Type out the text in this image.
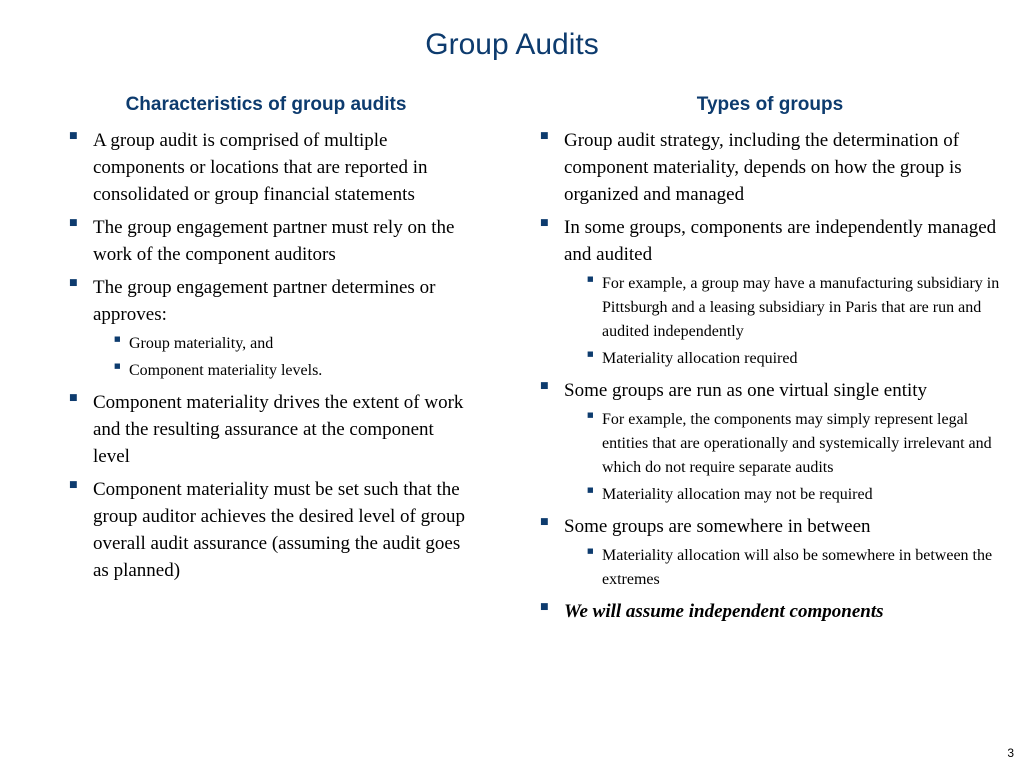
Group Audits
Characteristics of group audits
■ A group audit is comprised of multiple components or locations that are reported in consolidated or group financial statements
■ The group engagement partner must rely on the work of the component auditors
■ The group engagement partner determines or approves:
■ Group materiality, and
■ Component materiality levels.
■ Component materiality drives the extent of work and the resulting assurance at the component level
■ Component materiality must be set such that the group auditor achieves the desired level of group overall audit assurance (assuming the audit goes as planned)
Types of groups
■ Group audit strategy, including the determination of component materiality, depends on how the group is organized and managed
■ In some groups, components are independently managed and audited
■ For example, a group may have a manufacturing subsidiary in Pittsburgh and a leasing subsidiary in Paris that are run and audited independently
■ Materiality allocation required
■ Some groups are run as one virtual single entity
■ For example, the components may simply represent legal entities that are operationally and systemically irrelevant and which do not require separate audits
■ Materiality allocation may not be required
■ Some groups are somewhere in between
■ Materiality allocation will also be somewhere in between the extremes
■ We will assume independent components
3
